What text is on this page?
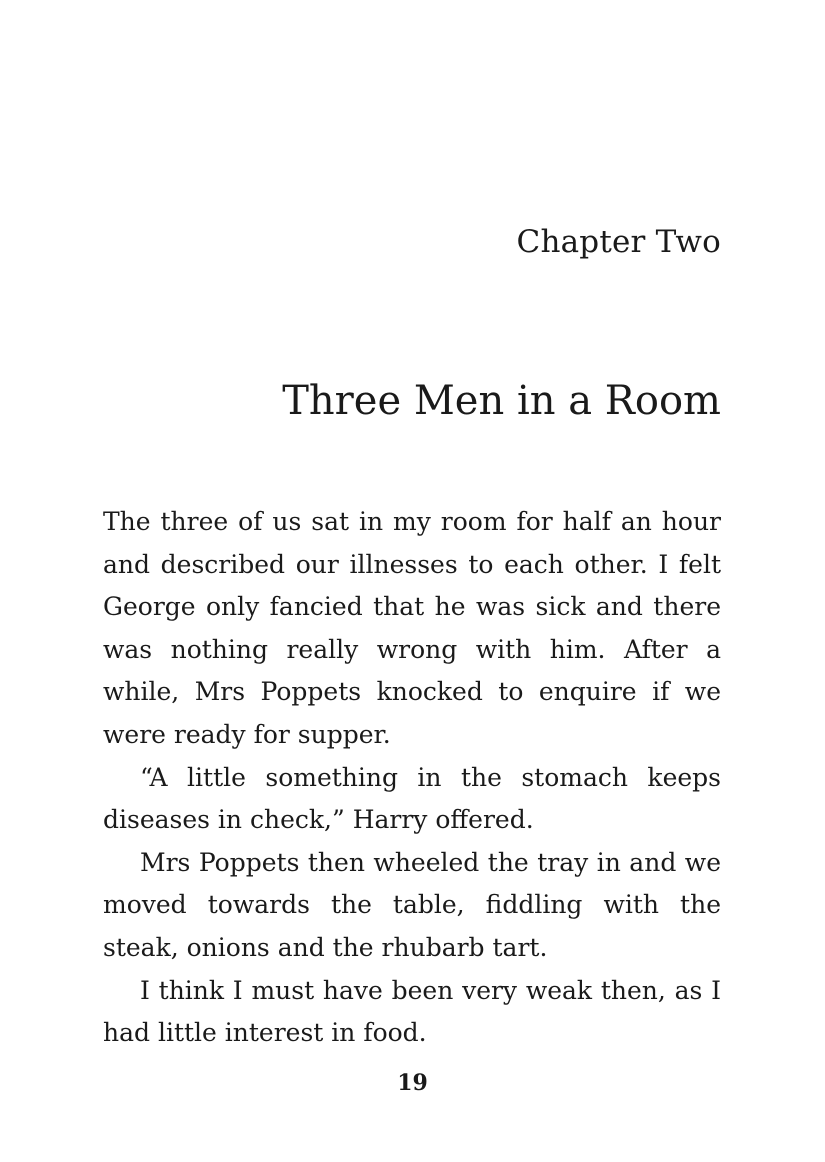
Chapter Two
Three Men in a Room

The three of us sat in my room for half an hour and described our illnesses to each other. I felt George only fancied that he was sick and there was nothing really wrong with him. After a while, Mrs Poppets knocked to enquire if we were ready for supper.

“A little something in the stomach keeps diseases in check,” Harry offered.

Mrs Poppets then wheeled the tray in and we moved towards the table, fiddling with the steak, onions and the rhubarb tart.

I think I must have been very weak then, as I had little interest in food.

19
